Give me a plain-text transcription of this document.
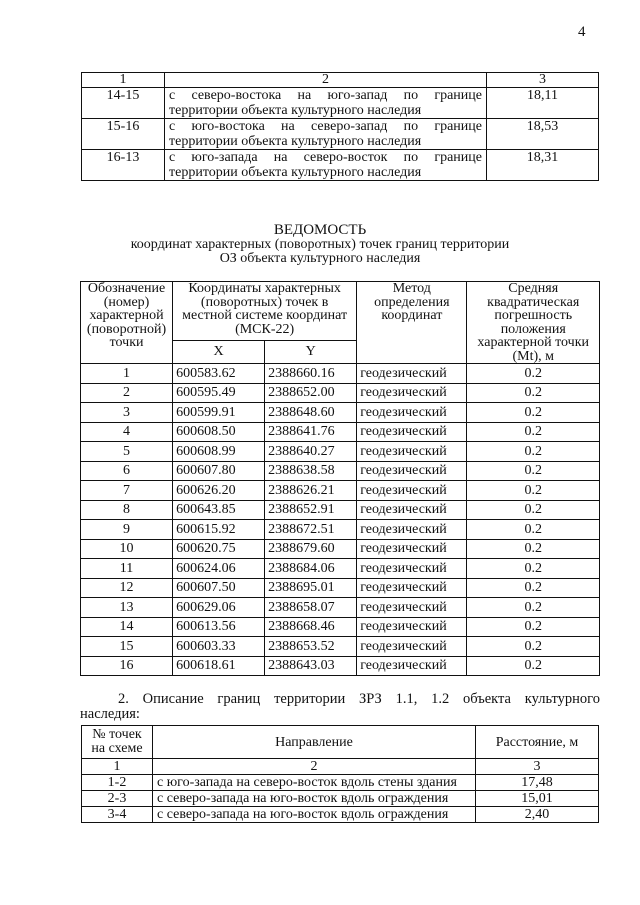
4
1	2	3
14-15	с северо-востока на юго-запад по границе территории объекта культурного наследия	18,11
15-16	с юго-востока на северо-запад по границе территории объекта культурного наследия	18,53
16-13	с юго-запада на северо-восток по границе территории объекта культурного наследия	18,31
ВЕДОМОСТЬ
координат характерных (поворотных) точек границ территории
ОЗ объекта культурного наследия
Обозначение (номер) характерной (поворотной) точки	Координаты характерных (поворотных) точек в местной системе координат (МСК-22)		Метод определения координат	Средняя квадратическая погрешность положения характерной точки (Mt), м
	X	Y		
1	600583.62	2388660.16	геодезический	0.2
2	600595.49	2388652.00	геодезический	0.2
3	600599.91	2388648.60	геодезический	0.2
4	600608.50	2388641.76	геодезический	0.2
5	600608.99	2388640.27	геодезический	0.2
6	600607.80	2388638.58	геодезический	0.2
7	600626.20	2388626.21	геодезический	0.2
8	600643.85	2388652.91	геодезический	0.2
9	600615.92	2388672.51	геодезический	0.2
10	600620.75	2388679.60	геодезический	0.2
11	600624.06	2388684.06	геодезический	0.2
12	600607.50	2388695.01	геодезический	0.2
13	600629.06	2388658.07	геодезический	0.2
14	600613.56	2388668.46	геодезический	0.2
15	600603.33	2388653.52	геодезический	0.2
16	600618.61	2388643.03	геодезический	0.2
2. Описание границ территории ЗРЗ 1.1, 1.2 объекта культурного
наследия:
№ точек на схеме	Направление	Расстояние, м
1	2	3
1-2	с юго-запада на северо-восток вдоль стены здания	17,48
2-3	с северо-запада на юго-восток вдоль ограждения	15,01
3-4	с северо-запада на юго-восток вдоль ограждения	2,40
